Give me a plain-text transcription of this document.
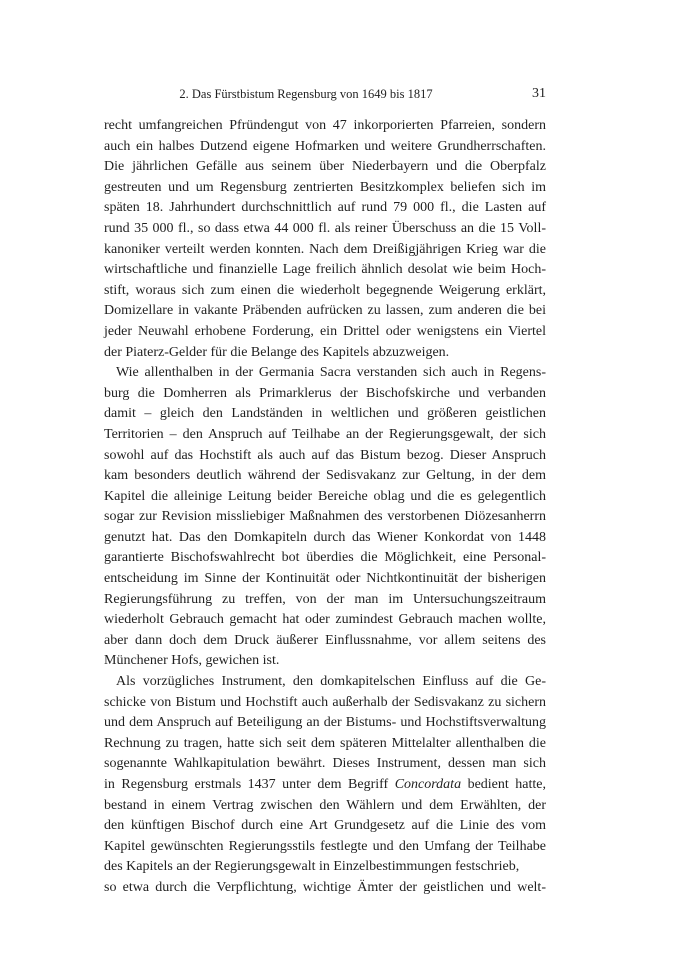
2. Das Fürstbistum Regensburg von 1649 bis 1817	31
recht umfangreichen Pfründengut von 47 inkorporierten Pfarreien, sondern
auch ein halbes Dutzend eigene Hofmarken und weitere Grundherrschaften.
Die jährlichen Gefälle aus seinem über Niederbayern und die Oberpfalz
gestreuten und um Regensburg zentrierten Besitzkomplex beliefen sich im
späten 18. Jahrhundert durchschnittlich auf rund 79 000 fl., die Lasten auf
rund 35 000 fl., so dass etwa 44 000 fl. als reiner Überschuss an die 15 Voll-
kanoniker verteilt werden konnten. Nach dem Dreißigjährigen Krieg war die
wirtschaftliche und finanzielle Lage freilich ähnlich desolat wie beim Hoch-
stift, woraus sich zum einen die wiederholt begegnende Weigerung erklärt,
Domizellare in vakante Präbenden aufrücken zu lassen, zum anderen die bei
jeder Neuwahl erhobene Forderung, ein Drittel oder wenigstens ein Viertel
der Piaterz-Gelder für die Belange des Kapitels abzuzweigen.
Wie allenthalben in der Germania Sacra verstanden sich auch in Regens-
burg die Domherren als Primarklerus der Bischofskirche und verbanden
damit – gleich den Landständen in weltlichen und größeren geistlichen
Territorien – den Anspruch auf Teilhabe an der Regierungsgewalt, der sich
sowohl auf das Hochstift als auch auf das Bistum bezog. Dieser Anspruch
kam besonders deutlich während der Sedisvakanz zur Geltung, in der dem
Kapitel die alleinige Leitung beider Bereiche oblag und die es gelegentlich
sogar zur Revision missliebiger Maßnahmen des verstorbenen Diözesanherrn
genutzt hat. Das den Domkapiteln durch das Wiener Konkordat von 1448
garantierte Bischofswahlrecht bot überdies die Möglichkeit, eine Personal-
entscheidung im Sinne der Kontinuität oder Nichtkontinuität der bisherigen
Regierungsführung zu treffen, von der man im Untersuchungszeitraum
wiederholt Gebrauch gemacht hat oder zumindest Gebrauch machen wollte,
aber dann doch dem Druck äußerer Einflussnahme, vor allem seitens des
Münchener Hofs, gewichen ist.
Als vorzügliches Instrument, den domkapitelschen Einfluss auf die Ge-
schicke von Bistum und Hochstift auch außerhalb der Sedisvakanz zu sichern
und dem Anspruch auf Beteiligung an der Bistums- und Hochstiftsverwaltung
Rechnung zu tragen, hatte sich seit dem späteren Mittelalter allenthalben die
sogenannte Wahlkapitulation bewährt. Dieses Instrument, dessen man sich
in Regensburg erstmals 1437 unter dem Begriff Concordata bedient hatte,
bestand in einem Vertrag zwischen den Wählern und dem Erwählten, der
den künftigen Bischof durch eine Art Grundgesetz auf die Linie des vom
Kapitel gewünschten Regierungsstils festlegte und den Umfang der Teilhabe
des Kapitels an der Regierungsgewalt in Einzelbestimmungen festschrieb,
so etwa durch die Verpflichtung, wichtige Ämter der geistlichen und welt-
